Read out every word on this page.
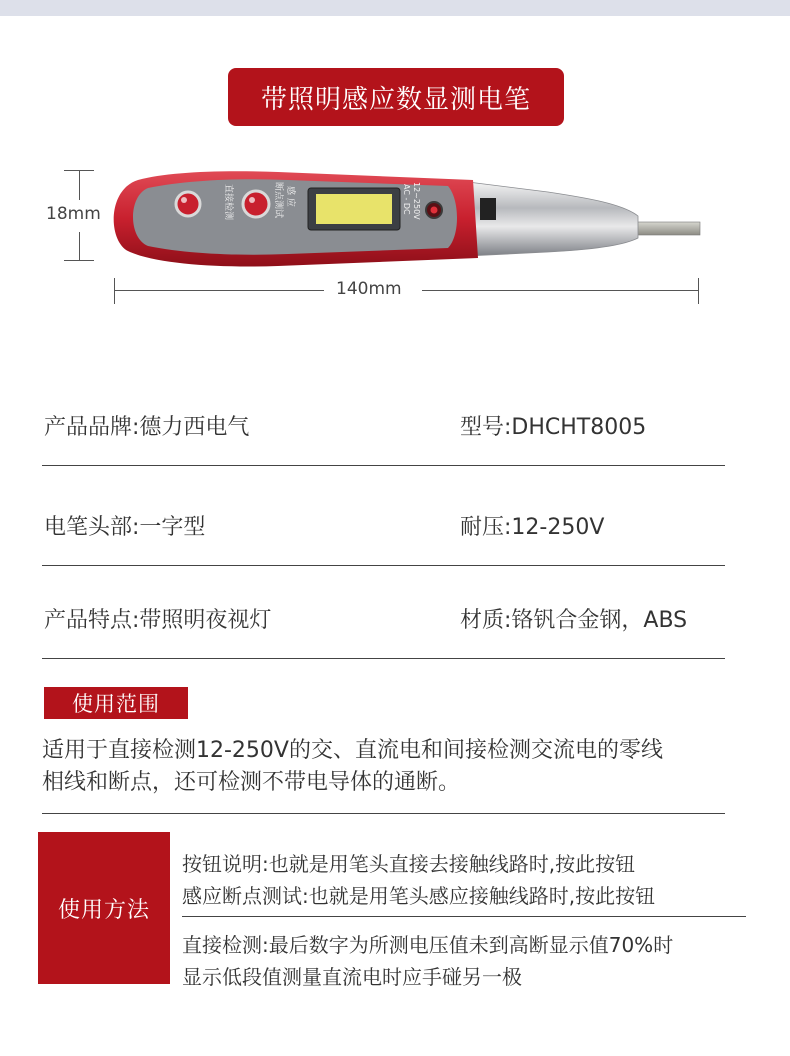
带照明感应数显测电笔
18mm	直接检测	感 应
断点测试	12~250V
AC - DC
140mm
产品品牌:德力西电气	型号:DHCHT8005
电笔头部:一字型	耐压:12-250V
产品特点:带照明夜视灯	材质:铬钒合金钢，ABS
使用范围
适用于直接检测12-250V的交、直流电和间接检测交流电的零线
相线和断点，还可检测不带电导体的通断。
使用方法
按钮说明:也就是用笔头直接去接触线路时,按此按钮
感应断点测试:也就是用笔头感应接触线路时,按此按钮
直接检测:最后数字为所测电压值未到高断显示值70%时
显示低段值测量直流电时应手碰另一极
